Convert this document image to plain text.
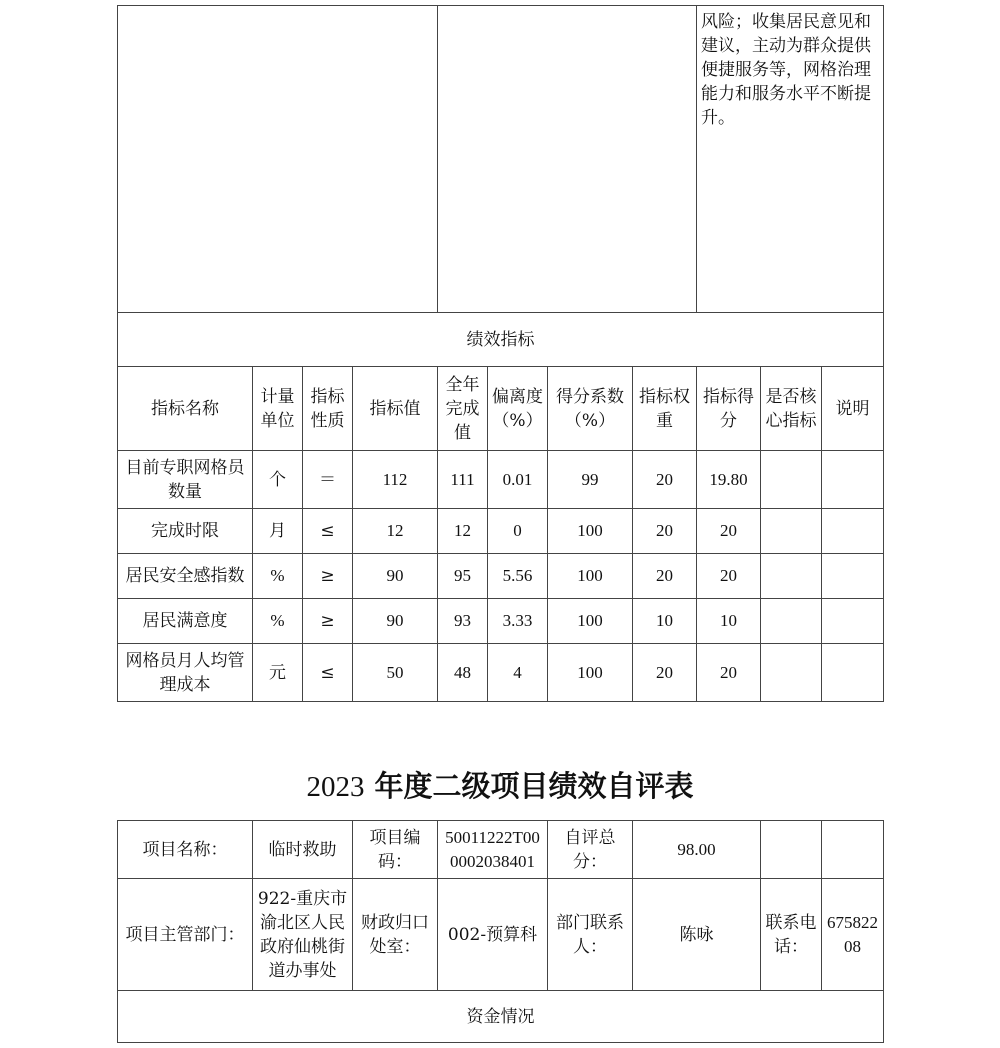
								风险；收集居民意见和建议，主动为群众提供便捷服务等，网格治理能力和服务水平不断提升。		
绩效指标										
指标名称	计量单位	指标性质	指标值	全年完成值	偏离度（%）	得分系数（%）	指标权重	指标得分	是否核心指标	说明
目前专职网格员数量	个	＝	112	111	0.01	99	20	19.80		
完成时限	月	≤	12	12	0	100	20	20		
居民安全感指数	%	≥	90	95	5.56	100	20	20		
居民满意度	%	≥	90	93	3.33	100	10	10		
网格员月人均管理成本	元	≤	50	48	4	100	20	20		
2023 年度二级项目绩效自评表
项目名称：	临时救助	项目编码：	50011222T000002038401	自评总分：	98.00		
项目主管部门：	922-重庆市渝北区人民政府仙桃街道办事处	财政归口处室：	002-预算科	部门联系人：	陈咏	联系电话：	67582208
资金情况							
